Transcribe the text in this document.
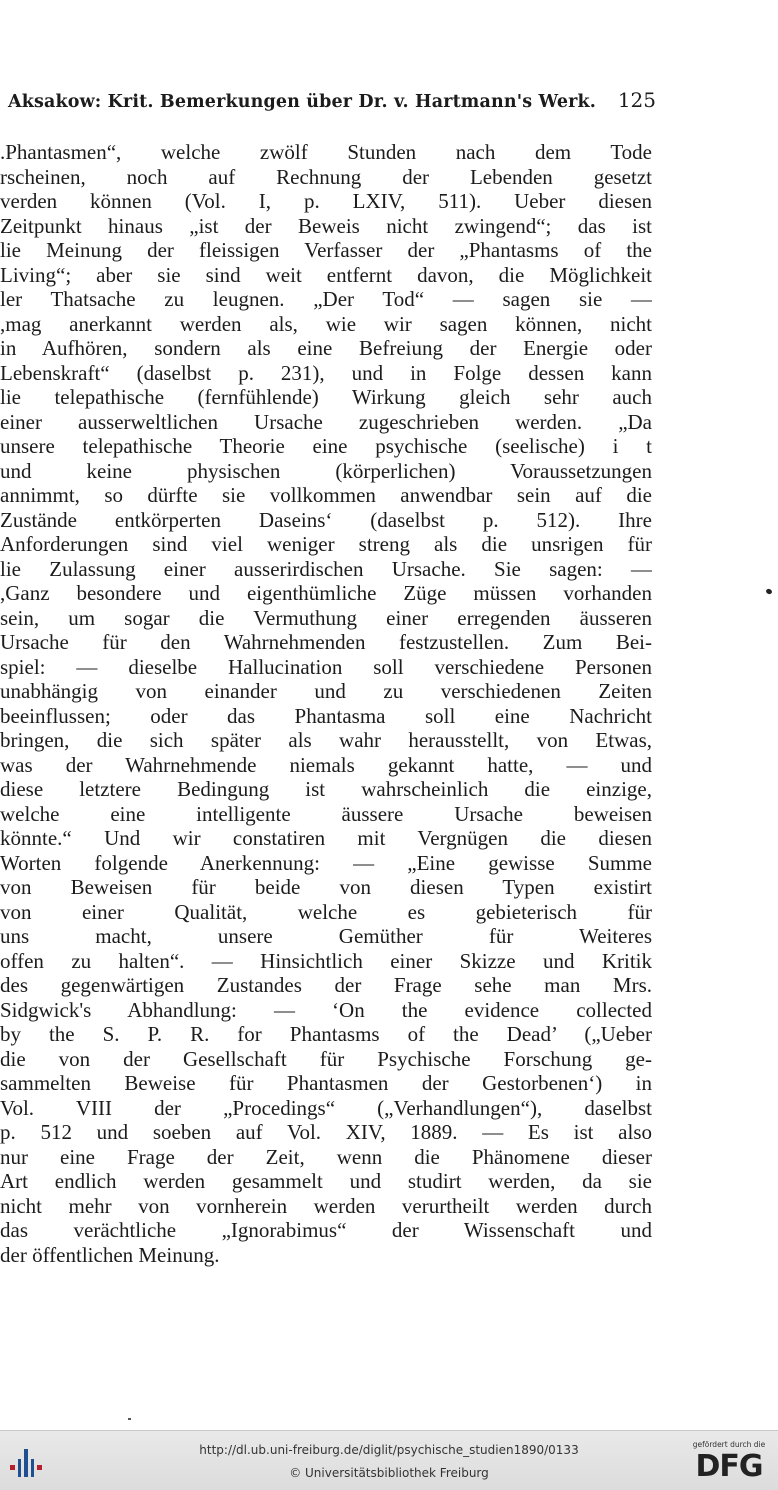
Aksakow: Krit. Bemerkungen über Dr. v. Hartmann's Werk. 125
.Phantasmen“, welche zwölf Stunden nach dem Tode
rscheinen, noch auf Rechnung der Lebenden gesetzt
verden können (Vol. I, p. LXIV, 511). Ueber diesen
Zeitpunkt hinaus „ist der Beweis nicht zwingend“; das ist
lie Meinung der fleissigen Verfasser der „Phantasms of the
Living“; aber sie sind weit entfernt davon, die Möglichkeit
ler Thatsache zu leugnen. „Der Tod“ — sagen sie —
,mag anerkannt werden als, wie wir sagen können, nicht
in Aufhören, sondern als eine Befreiung der Energie oder
Lebenskraft“ (daselbst p. 231), und in Folge dessen kann
lie telepathische (fernfühlende) Wirkung gleich sehr auch
einer ausserweltlichen Ursache zugeschrieben werden. „Da
unsere telepathische Theorie eine psychische (seelische) i t
und keine physischen (körperlichen) Voraussetzungen
annimmt, so dürfte sie vollkommen anwendbar sein auf die
Zustände entkörperten Daseins‘ (daselbst p. 512). Ihre
Anforderungen sind viel weniger streng als die unsrigen für
lie Zulassung einer ausserirdischen Ursache. Sie sagen: —
,Ganz besondere und eigenthümliche Züge müssen vorhanden
sein, um sogar die Vermuthung einer erregenden äusseren
Ursache für den Wahrnehmenden festzustellen. Zum Bei-
spiel: — dieselbe Hallucination soll verschiedene Personen
unabhängig von einander und zu verschiedenen Zeiten
beeinflussen; oder das Phantasma soll eine Nachricht
bringen, die sich später als wahr herausstellt, von Etwas,
was der Wahrnehmende niemals gekannt hatte, — und
diese letztere Bedingung ist wahrscheinlich die einzige,
welche eine intelligente äussere Ursache beweisen
könnte.“ Und wir constatiren mit Vergnügen die diesen
Worten folgende Anerkennung: — „Eine gewisse Summe
von Beweisen für beide von diesen Typen existirt
von einer Qualität, welche es gebieterisch für
uns macht, unsere Gemüther für Weiteres
offen zu halten“. — Hinsichtlich einer Skizze und Kritik
des gegenwärtigen Zustandes der Frage sehe man Mrs.
Sidgwick's Abhandlung: — ‘On the evidence collected
by the S. P. R. for Phantasms of the Dead’ („Ueber
die von der Gesellschaft für Psychische Forschung ge-
sammelten Beweise für Phantasmen der Gestorbenen‘) in
Vol. VIII der „Procedings“ („Verhandlungen“), daselbst
p. 512 und soeben auf Vol. XIV, 1889. — Es ist also
nur eine Frage der Zeit, wenn die Phänomene dieser
Art endlich werden gesammelt und studirt werden, da sie
nicht mehr von vornherein werden verurtheilt werden durch
das verächtliche „Ignorabimus“ der Wissenschaft und
der öffentlichen Meinung.
http://dl.ub.uni-freiburg.de/diglit/psychische_studien1890/0133
© Universitätsbibliothek Freiburg
gefördert durch die
DFG
